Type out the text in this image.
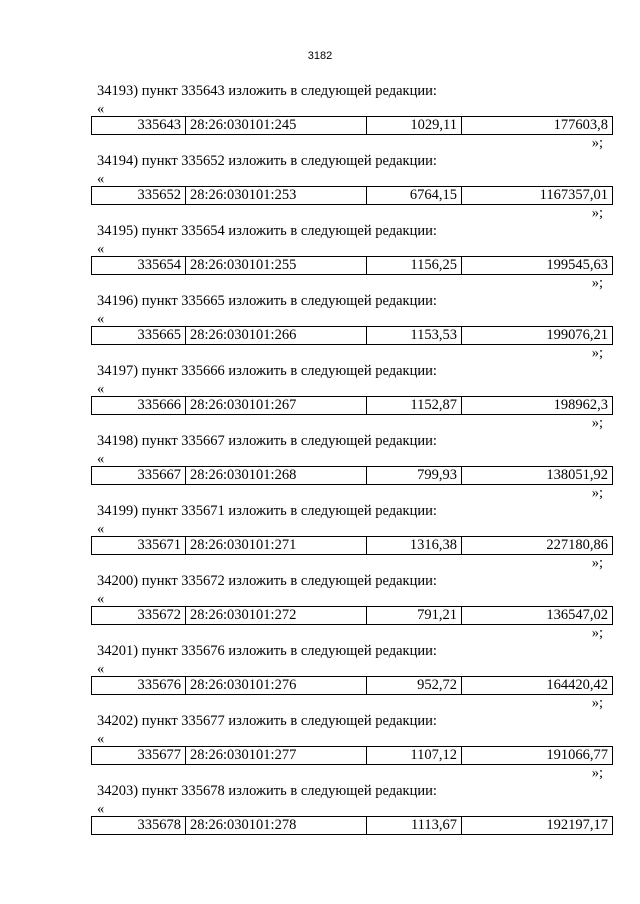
3182
34193) пункт 335643 изложить в следующей редакции:
«
335643	28:26:030101:245	1029,11	177603,8
»;
34194) пункт 335652 изложить в следующей редакции:
«
335652	28:26:030101:253	6764,15	1167357,01
»;
34195) пункт 335654 изложить в следующей редакции:
«
335654	28:26:030101:255	1156,25	199545,63
»;
34196) пункт 335665 изложить в следующей редакции:
«
335665	28:26:030101:266	1153,53	199076,21
»;
34197) пункт 335666 изложить в следующей редакции:
«
335666	28:26:030101:267	1152,87	198962,3
»;
34198) пункт 335667 изложить в следующей редакции:
«
335667	28:26:030101:268	799,93	138051,92
»;
34199) пункт 335671 изложить в следующей редакции:
«
335671	28:26:030101:271	1316,38	227180,86
»;
34200) пункт 335672 изложить в следующей редакции:
«
335672	28:26:030101:272	791,21	136547,02
»;
34201) пункт 335676 изложить в следующей редакции:
«
335676	28:26:030101:276	952,72	164420,42
»;
34202) пункт 335677 изложить в следующей редакции:
«
335677	28:26:030101:277	1107,12	191066,77
»;
34203) пункт 335678 изложить в следующей редакции:
«
335678	28:26:030101:278	1113,67	192197,17
